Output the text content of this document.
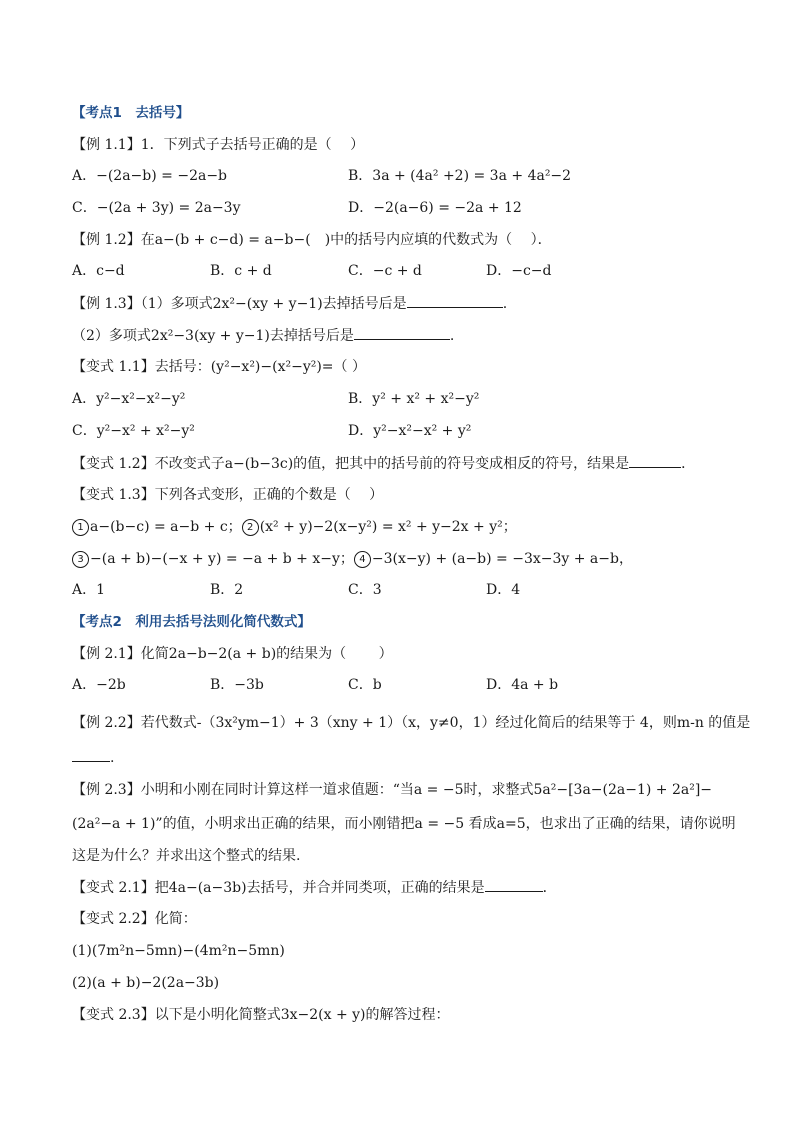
【考点1　去括号】
【例 1.1】1．下列式子去括号正确的是（　 ）
A．−(2a−b) = −2a−b	B．3a + (4a² +2) = 3a + 4a²−2
C．−(2a + 3y) = 2a−3y	D．−2(a−6) = −2a + 12
【例 1.2】在a−(b + c−d) = a−b−(　)中的括号内应填的代数式为（　 ）．
A．c−d	B．c + d	C．−c + d	D．−c−d
【例 1.3】（1）多项式2x²−(xy + y−1)去掉括号后是	.
（2）多项式2x²−3(xy + y−1)去掉括号后是	.
【变式 1.1】去括号：(y²−x²)−(x²−y²)=（ ）
A．y²−x²−x²−y²	B．y² + x² + x²−y²
C．y²−x² + x²−y²	D．y²−x²−x² + y²
【变式 1.2】不改变式子a−(b−3c)的值，把其中的括号前的符号变成相反的符号，结果是	．
【变式 1.3】下列各式变形，正确的个数是（　 ）
1 a−(b−c) = a−b + c； 2 (x² + y)−2(x−y²) = x² + y−2x + y²；
3 −(a + b)−(−x + y) = −a + b + x−y； 4 −3(x−y) + (a−b) = −3x−3y + a−b，
A．1	B．2	C．3	D．4
【考点2　利用去括号法则化简代数式】
【例 2.1】化简2a−b−2(a + b)的结果为（　　 ）
A．−2b	B．−3b	C．b	D．4a + b
【例 2.2】若代数式-（3x²ym−1）+ 3（xny + 1）（x，y≠0，1）经过化简后的结果等于 4，则m-n 的值是
.
【例 2.3】小明和小刚在同时计算这样一道求值题：“当a = −5时，求整式5a²−[3a−(2a−1) + 2a²]−
(2a²−a + 1)”的值，小明求出正确的结果，而小刚错把a = −5 看成a=5，也求出了正确的结果，请你说明
这是为什么？并求出这个整式的结果.
【变式 2.1】把4a−(a−3b)去括号，并合并同类项，正确的结果是	．
【变式 2.2】化简：
(1)(7m²n−5mn)−(4m²n−5mn)
(2)(a + b)−2(2a−3b)
【变式 2.3】以下是小明化简整式3x−2(x + y)的解答过程：
